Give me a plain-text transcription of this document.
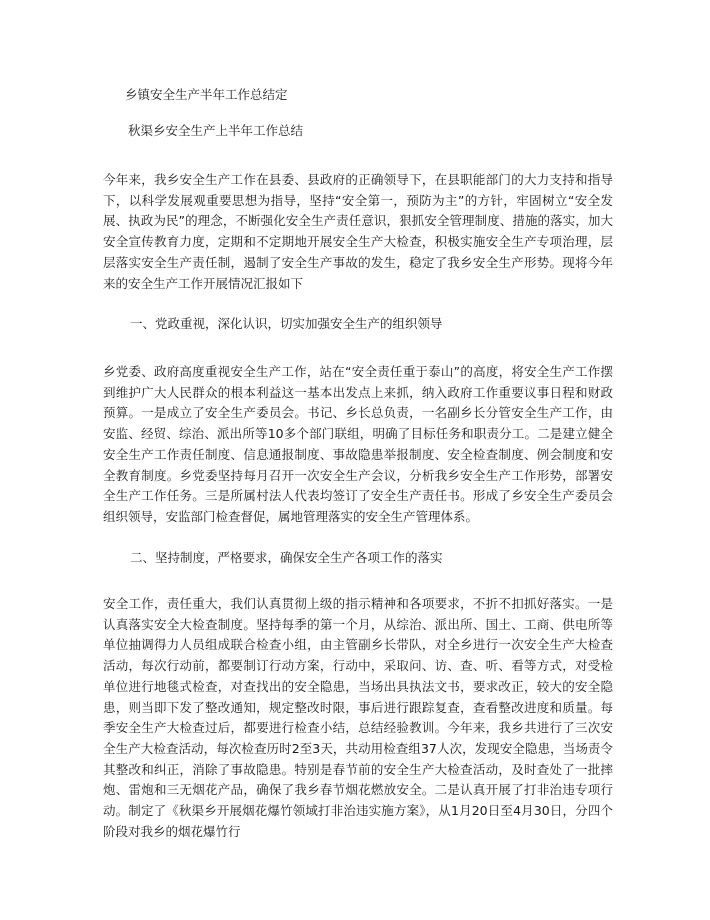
乡镇安全生产半年工作总结定
秋渠乡安全生产上半年工作总结
今年来，我乡安全生产工作在县委、县政府的正确领导下，在县职能部门的大力支持和指导下，以科学发展观重要思想为指导，坚持“安全第一，预防为主”的方针，牢固树立“安全发展、执政为民”的理念，不断强化安全生产责任意识，狠抓安全管理制度、措施的落实，加大安全宣传教育力度，定期和不定期地开展安全生产大检查，积极实施安全生产专项治理，层层落实安全生产责任制，遏制了安全生产事故的发生，稳定了我乡安全生产形势。现将今年来的安全生产工作开展情况汇报如下
一、党政重视，深化认识，切实加强安全生产的组织领导
乡党委、政府高度重视安全生产工作，站在“安全责任重于泰山”的高度，将安全生产工作摆到维护广大人民群众的根本利益这一基本出发点上来抓，纳入政府工作重要议事日程和财政预算。一是成立了安全生产委员会。书记、乡长总负责，一名副乡长分管安全生产工作，由安监、经贸、综治、派出所等10多个部门联组，明确了目标任务和职责分工。二是建立健全安全生产工作责任制度、信息通报制度、事故隐患举报制度、安全检查制度、例会制度和安全教育制度。乡党委坚持每月召开一次安全生产会议，分析我乡安全生产工作形势，部署安全生产工作任务。三是所属村法人代表均签订了安全生产责任书。形成了乡安全生产委员会组织领导，安监部门检查督促，属地管理落实的安全生产管理体系。
二、坚持制度，严格要求，确保安全生产各项工作的落实
安全工作，责任重大，我们认真贯彻上级的指示精神和各项要求，不折不扣抓好落实。一是认真落实安全大检查制度。坚持每季的第一个月，从综治、派出所、国土、工商、供电所等单位抽调得力人员组成联合检查小组，由主管副乡长带队，对全乡进行一次安全生产大检查活动，每次行动前，都要制订行动方案，行动中，采取问、访、查、听、看等方式，对受检单位进行地毯式检查，对查找出的安全隐患，当场出具执法文书，要求改正，较大的安全隐患，则当即下发了整改通知，规定整改时限，事后进行跟踪复查，查看整改进度和质量。每季安全生产大检查过后，都要进行检查小结，总结经验教训。今年来，我乡共进行了三次安全生产大检查活动，每次检查历时2至3天，共动用检查组37人次，发现安全隐患，当场责令其整改和纠正，消除了事故隐患。特别是春节前的安全生产大检查活动，及时查处了一批摔炮、雷炮和三无烟花产品，确保了我乡春节烟花燃放安全。二是认真开展了打非治违专项行动。制定了《秋渠乡开展烟花爆竹领域打非治违实施方案》，从1月20日至4月30日，分四个阶段对我乡的烟花爆竹行
